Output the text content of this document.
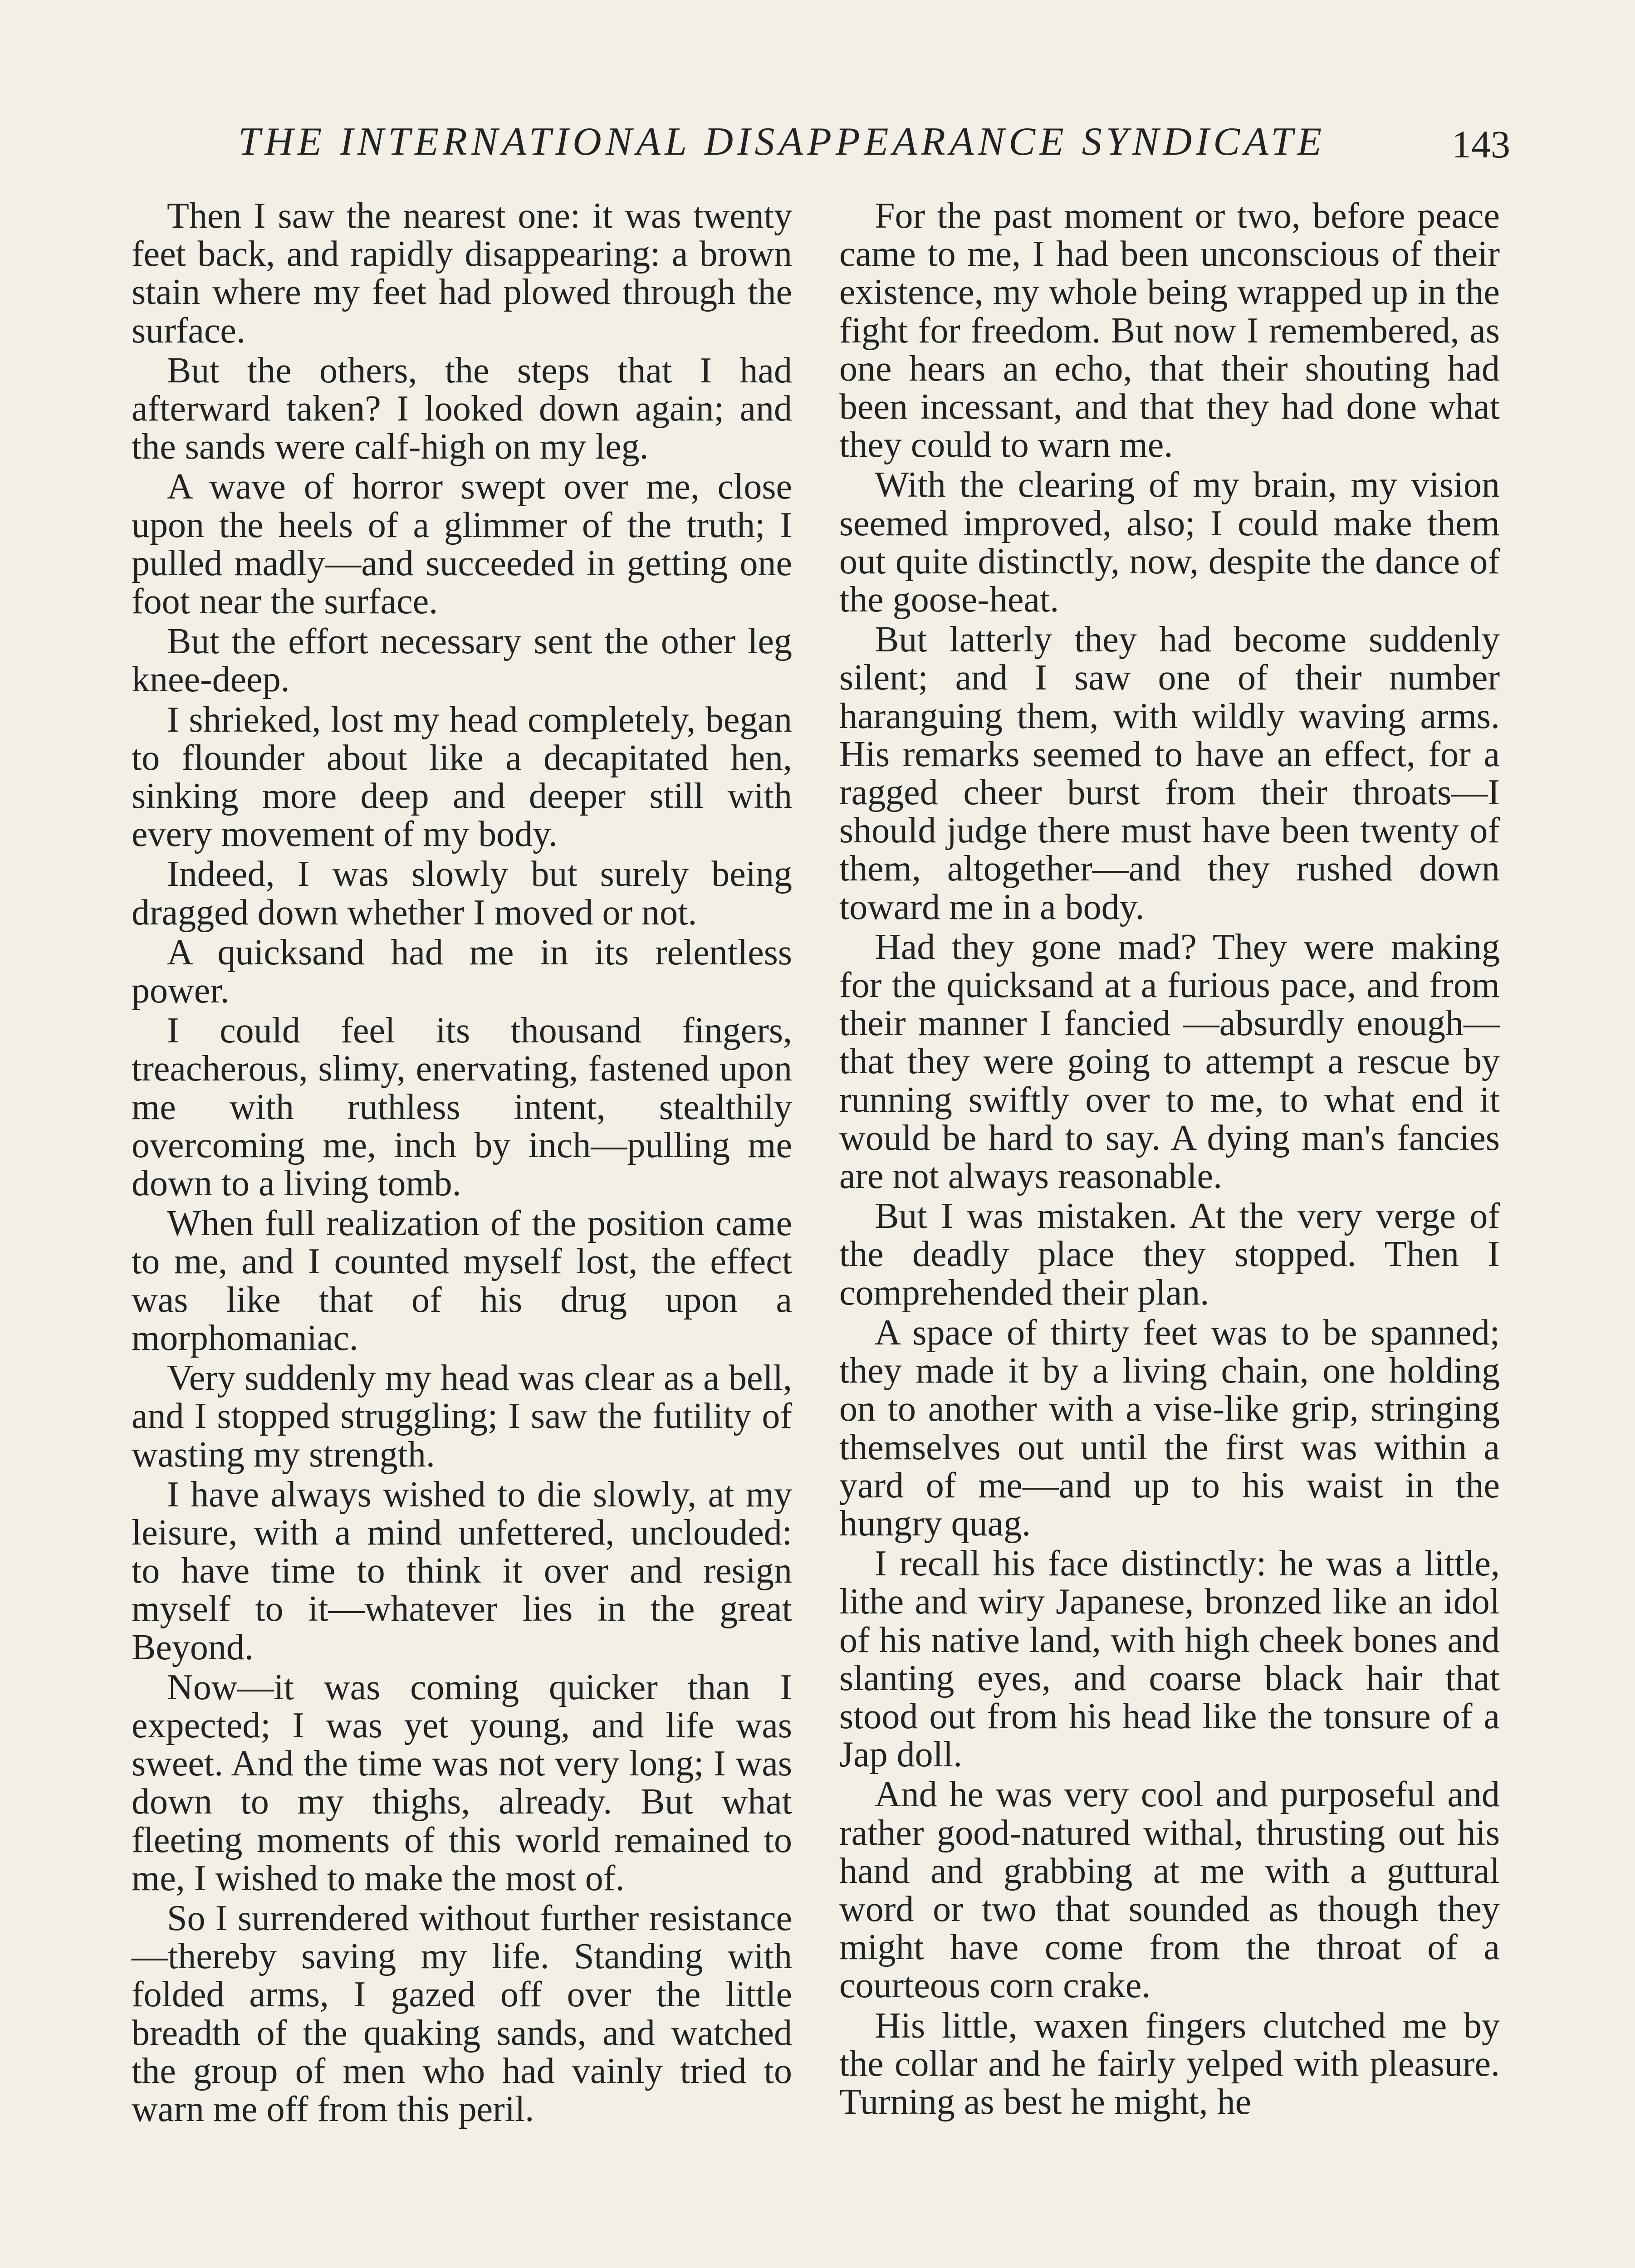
THE INTERNATIONAL DISAPPEARANCE SYNDICATE	143

Then I saw the nearest one: it was twenty feet back, and rapidly disappearing: a brown stain where my feet had plowed through the surface.

But the others, the steps that I had afterward taken? I looked down again; and the sands were calf-high on my leg.

A wave of horror swept over me, close upon the heels of a glimmer of the truth; I pulled madly—and succeeded in getting one foot near the surface.

But the effort necessary sent the other leg knee-deep.

I shrieked, lost my head completely, began to flounder about like a decapitated hen, sinking more deep and deeper still with every movement of my body.

Indeed, I was slowly but surely being dragged down whether I moved or not.

A quicksand had me in its relentless power.

I could feel its thousand fingers, treacherous, slimy, enervating, fastened upon me with ruthless intent, stealthily overcoming me, inch by inch—pulling me down to a living tomb.

When full realization of the position came to me, and I counted myself lost, the effect was like that of his drug upon a morphomaniac.

Very suddenly my head was clear as a bell, and I stopped struggling; I saw the futility of wasting my strength.

I have always wished to die slowly, at my leisure, with a mind unfettered, unclouded: to have time to think it over and resign myself to it—whatever lies in the great Beyond.

Now—it was coming quicker than I expected; I was yet young, and life was sweet. And the time was not very long; I was down to my thighs, already. But what fleeting moments of this world remained to me, I wished to make the most of.

So I surrendered without further resistance—thereby saving my life. Standing with folded arms, I gazed off over the little breadth of the quaking sands, and watched the group of men who had vainly tried to warn me off from this peril.

For the past moment or two, before peace came to me, I had been unconscious of their existence, my whole being wrapped up in the fight for freedom. But now I remembered, as one hears an echo, that their shouting had been incessant, and that they had done what they could to warn me.

With the clearing of my brain, my vision seemed improved, also; I could make them out quite distinctly, now, despite the dance of the goose-heat.

But latterly they had become suddenly silent; and I saw one of their number haranguing them, with wildly waving arms. His remarks seemed to have an effect, for a ragged cheer burst from their throats—I should judge there must have been twenty of them, altogether—and they rushed down toward me in a body.

Had they gone mad? They were making for the quicksand at a furious pace, and from their manner I fancied —absurdly enough—that they were going to attempt a rescue by running swiftly over to me, to what end it would be hard to say. A dying man's fancies are not always reasonable.

But I was mistaken. At the very verge of the deadly place they stopped. Then I comprehended their plan.

A space of thirty feet was to be spanned; they made it by a living chain, one holding on to another with a vise-like grip, stringing themselves out until the first was within a yard of me—and up to his waist in the hungry quag.

I recall his face distinctly: he was a little, lithe and wiry Japanese, bronzed like an idol of his native land, with high cheek bones and slanting eyes, and coarse black hair that stood out from his head like the tonsure of a Jap doll.

And he was very cool and purposeful and rather good-natured withal, thrusting out his hand and grabbing at me with a guttural word or two that sounded as though they might have come from the throat of a courteous corn crake.

His little, waxen fingers clutched me by the collar and he fairly yelped with pleasure. Turning as best he might, he
